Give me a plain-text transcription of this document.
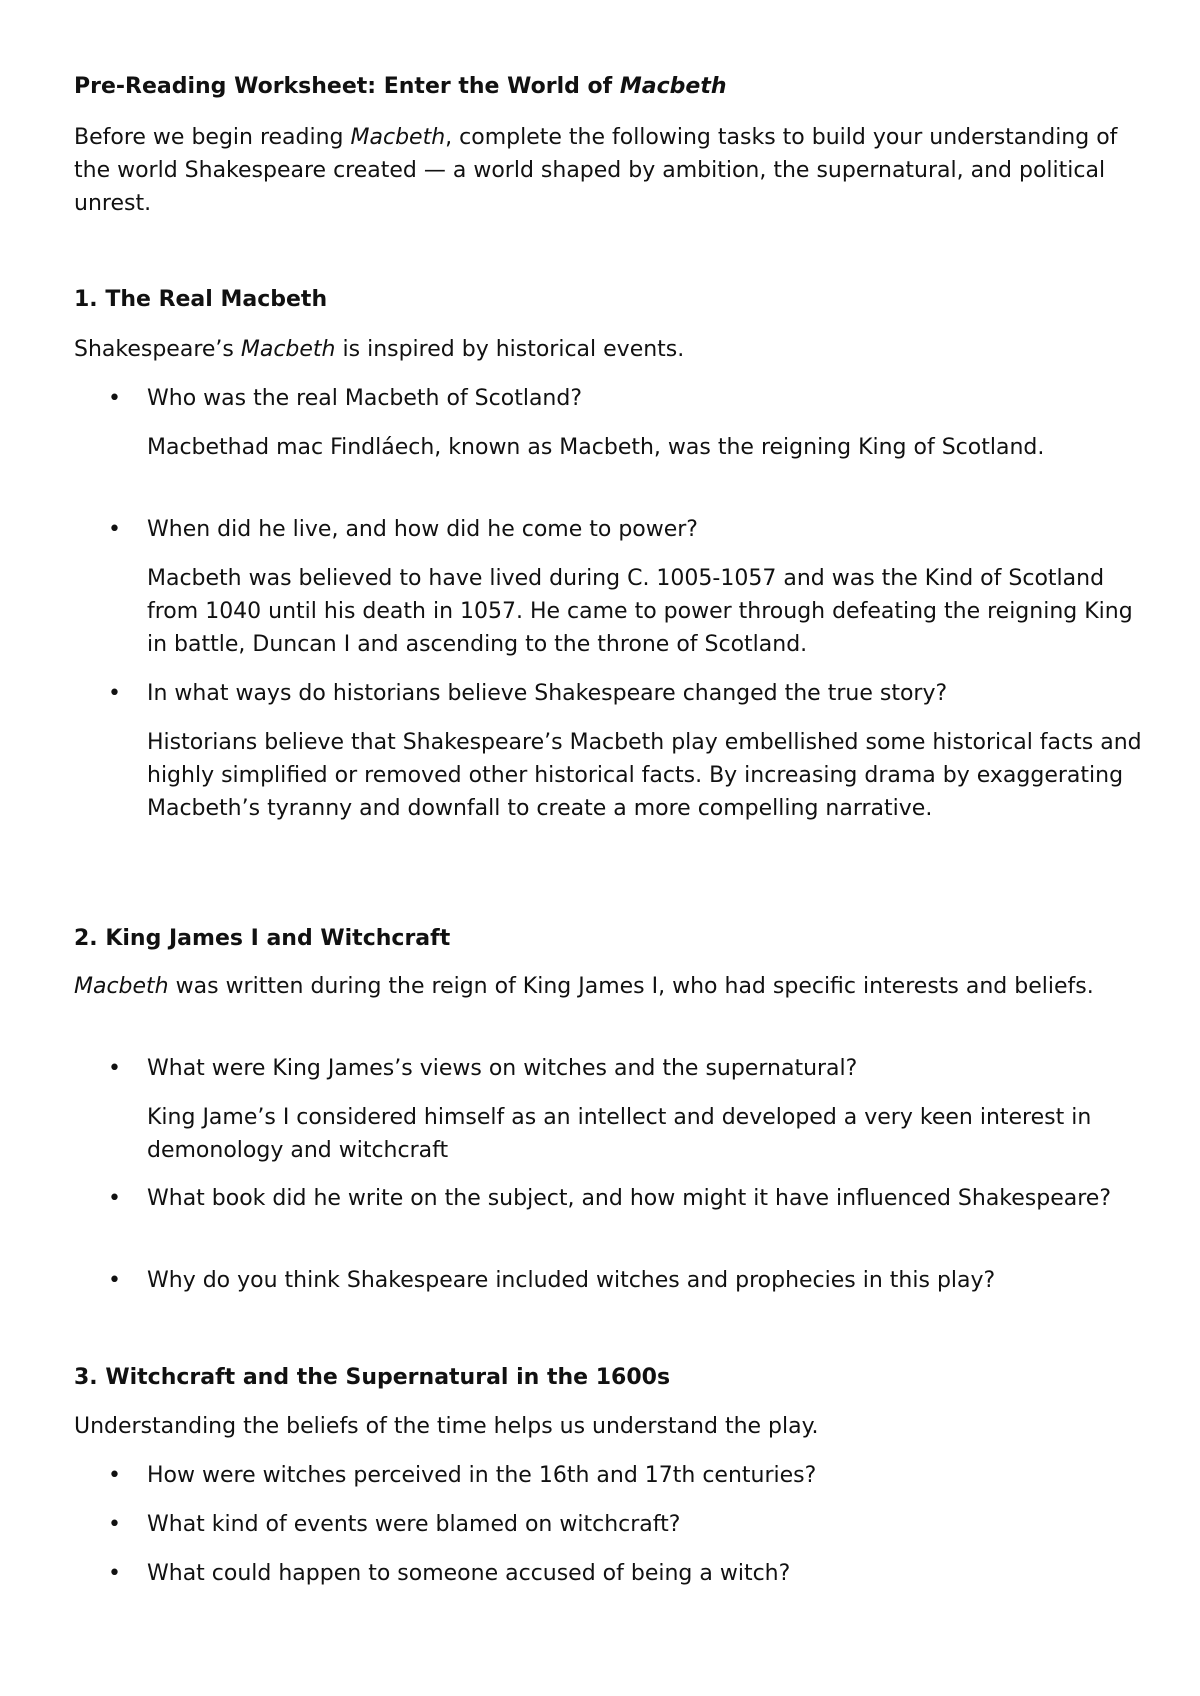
Pre-Reading Worksheet: Enter the World of Macbeth

Before we begin reading Macbeth, complete the following tasks to build your understanding of the world Shakespeare created — a world shaped by ambition, the supernatural, and political unrest.

1. The Real Macbeth

Shakespeare’s Macbeth is inspired by historical events.

• Who was the real Macbeth of Scotland?

Macbethad mac Findláech, known as Macbeth, was the reigning King of Scotland.

• When did he live, and how did he come to power?

Macbeth was believed to have lived during C. 1005-1057 and was the Kind of Scotland from 1040 until his death in 1057. He came to power through defeating the reigning King in battle, Duncan I and ascending to the throne of Scotland.

• In what ways do historians believe Shakespeare changed the true story?

Historians believe that Shakespeare’s Macbeth play embellished some historical facts and highly simplified or removed other historical facts. By increasing drama by exaggerating Macbeth’s tyranny and downfall to create a more compelling narrative.

2. King James I and Witchcraft

Macbeth was written during the reign of King James I, who had specific interests and beliefs.

• What were King James’s views on witches and the supernatural?

King Jame’s I considered himself as an intellect and developed a very keen interest in demonology and witchcraft

• What book did he write on the subject, and how might it have influenced Shakespeare?

• Why do you think Shakespeare included witches and prophecies in this play?

3. Witchcraft and the Supernatural in the 1600s

Understanding the beliefs of the time helps us understand the play.

• How were witches perceived in the 16th and 17th centuries?

• What kind of events were blamed on witchcraft?

• What could happen to someone accused of being a witch?
